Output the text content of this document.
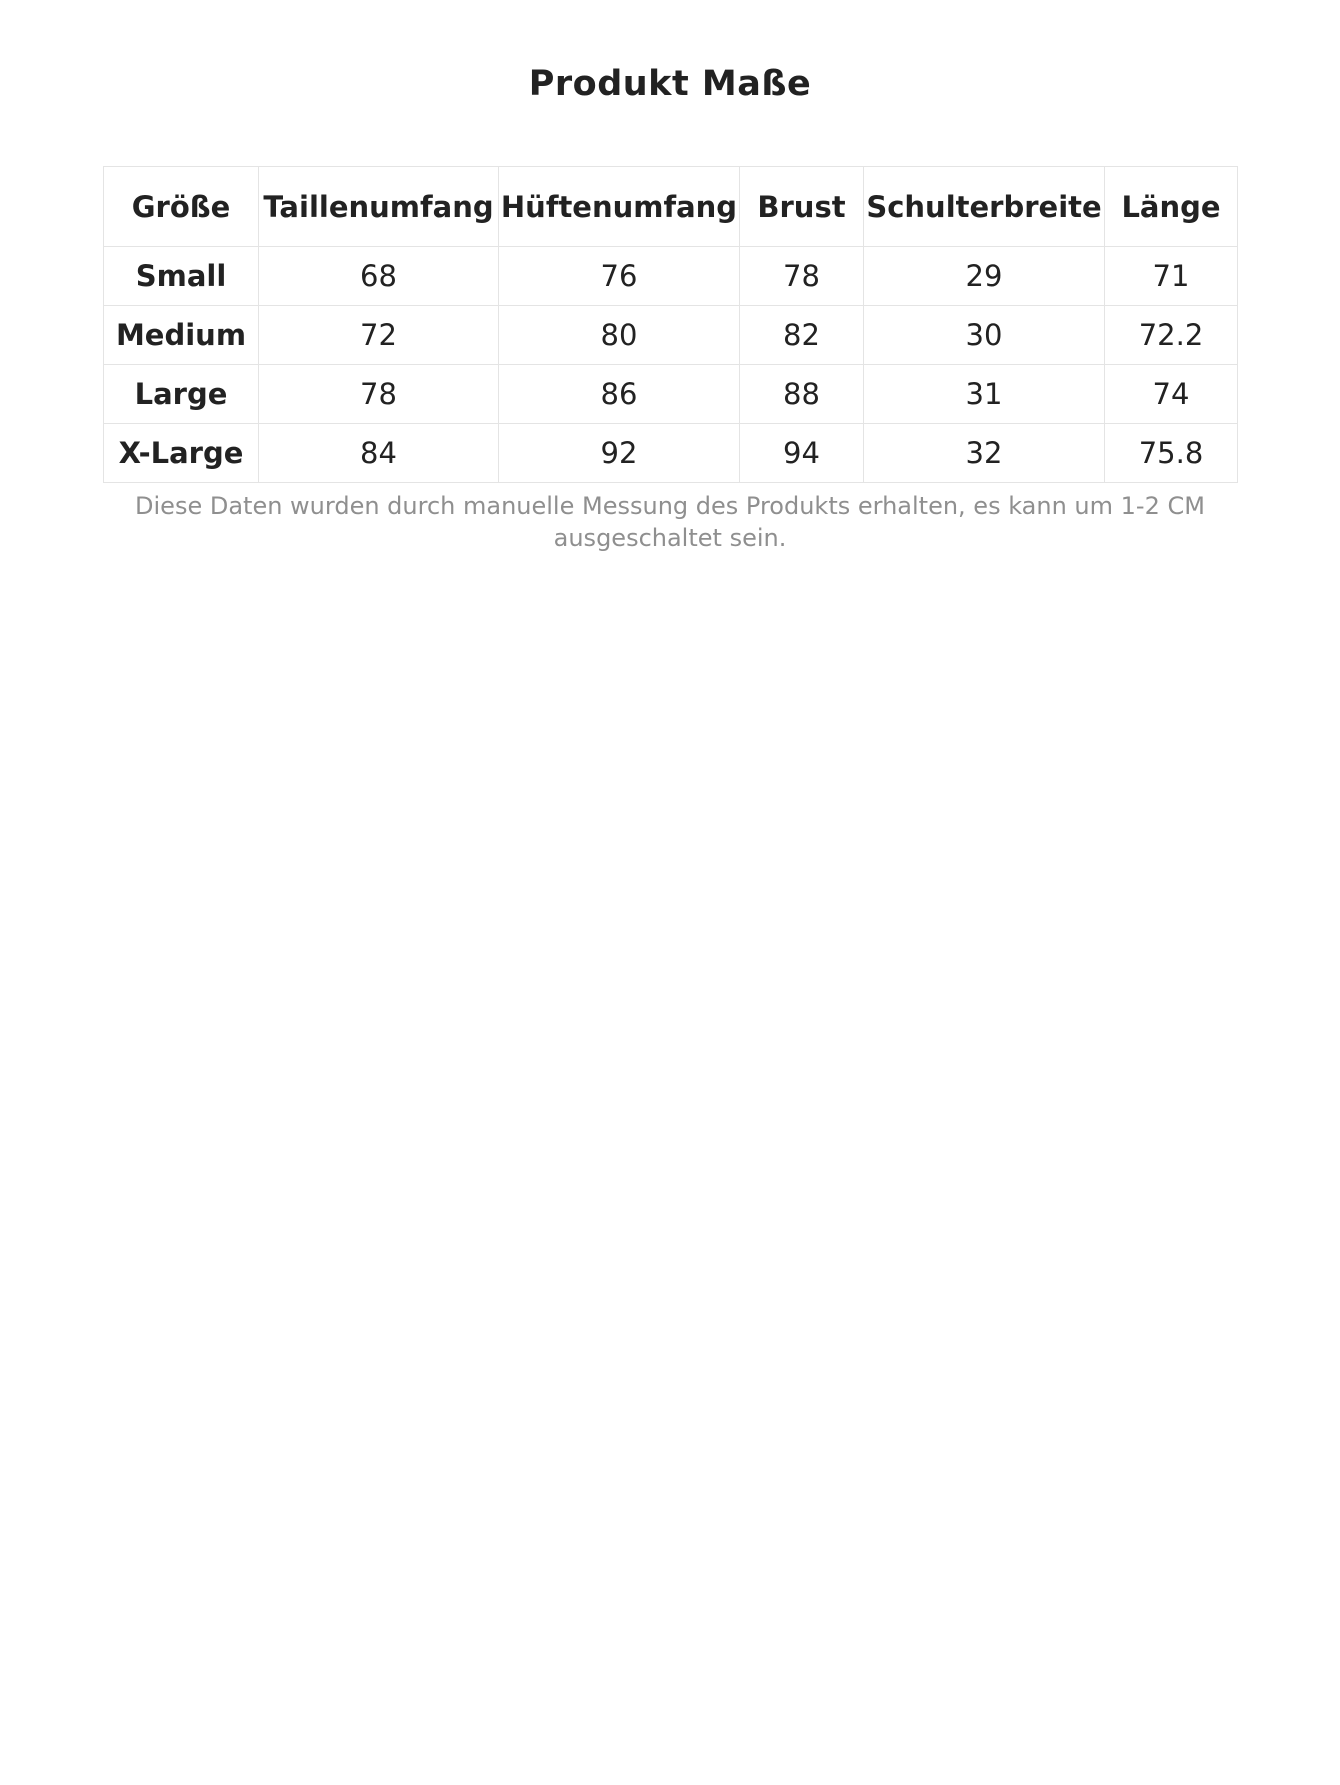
Produkt Maße
Größe	Taillenumfang	Hüftenumfang	Brust	Schulterbreite	Länge
Small	68	76	78	29	71
Medium	72	80	82	30	72.2
Large	78	86	88	31	74
X-Large	84	92	94	32	75.8

Diese Daten wurden durch manuelle Messung des Produkts erhalten, es kann um 1-2 CM ausgeschaltet sein.
